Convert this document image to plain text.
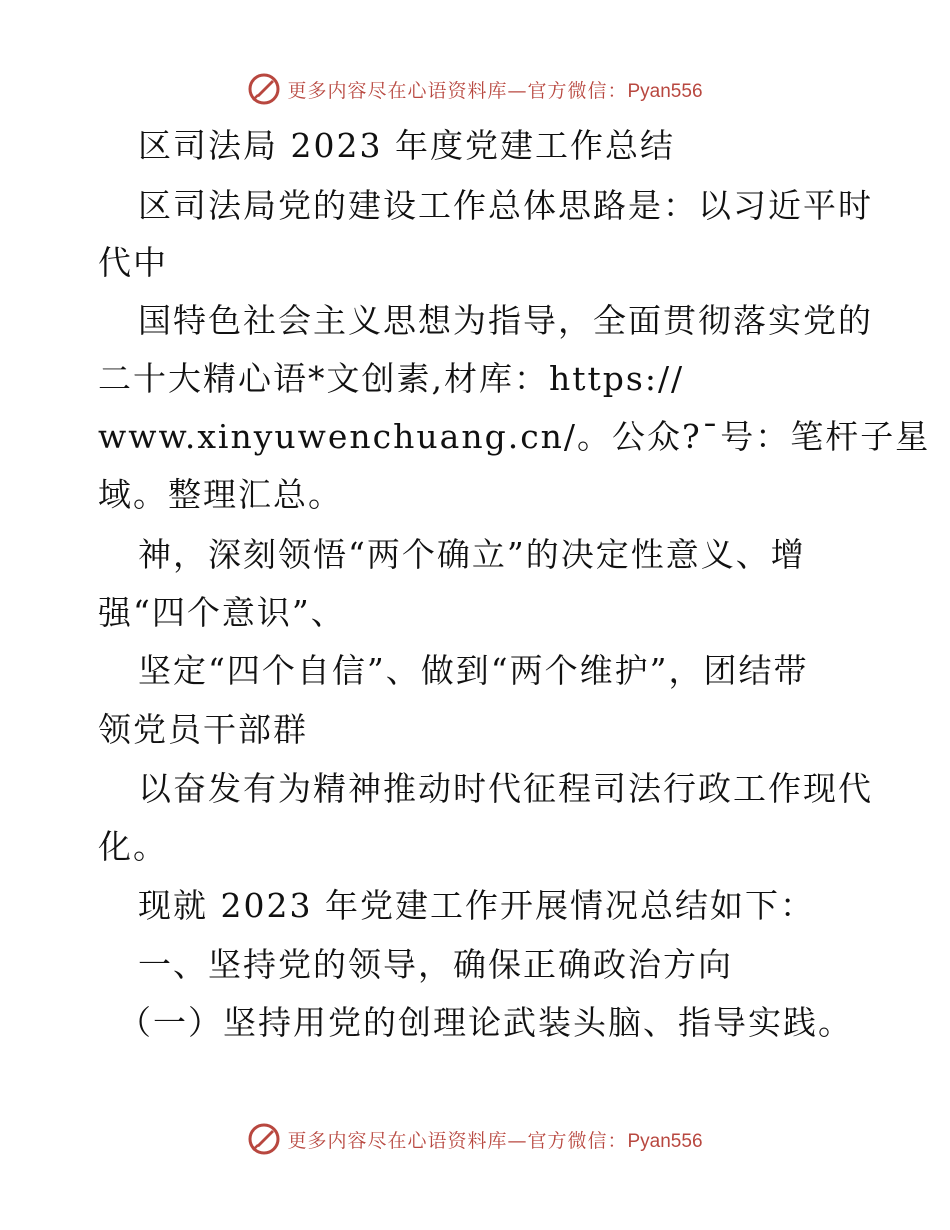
更多内容尽在心语资料库—官方微信：Pyan556
区司法局 2023 年度党建工作总结
区司法局党的建设工作总体思路是：以习近平时
代中
国特色社会主义思想为指导，全面贯彻落实党的
二十大精心语*文创素,材库：https://
www.xinyuwenchuang.cn/。公众?¯号：笔杆子星
域。整理汇总。
神，深刻领悟“两个确立”的决定性意义、增
强“四个意识”、
坚定“四个自信”、做到“两个维护”，团结带
领党员干部群
以奋发有为精神推动时代征程司法行政工作现代
化。
现就 2023 年党建工作开展情况总结如下：
一、坚持党的领导，确保正确政治方向
（一）坚持用党的创理论武装头脑、指导实践。
更多内容尽在心语资料库—官方微信：Pyan556
